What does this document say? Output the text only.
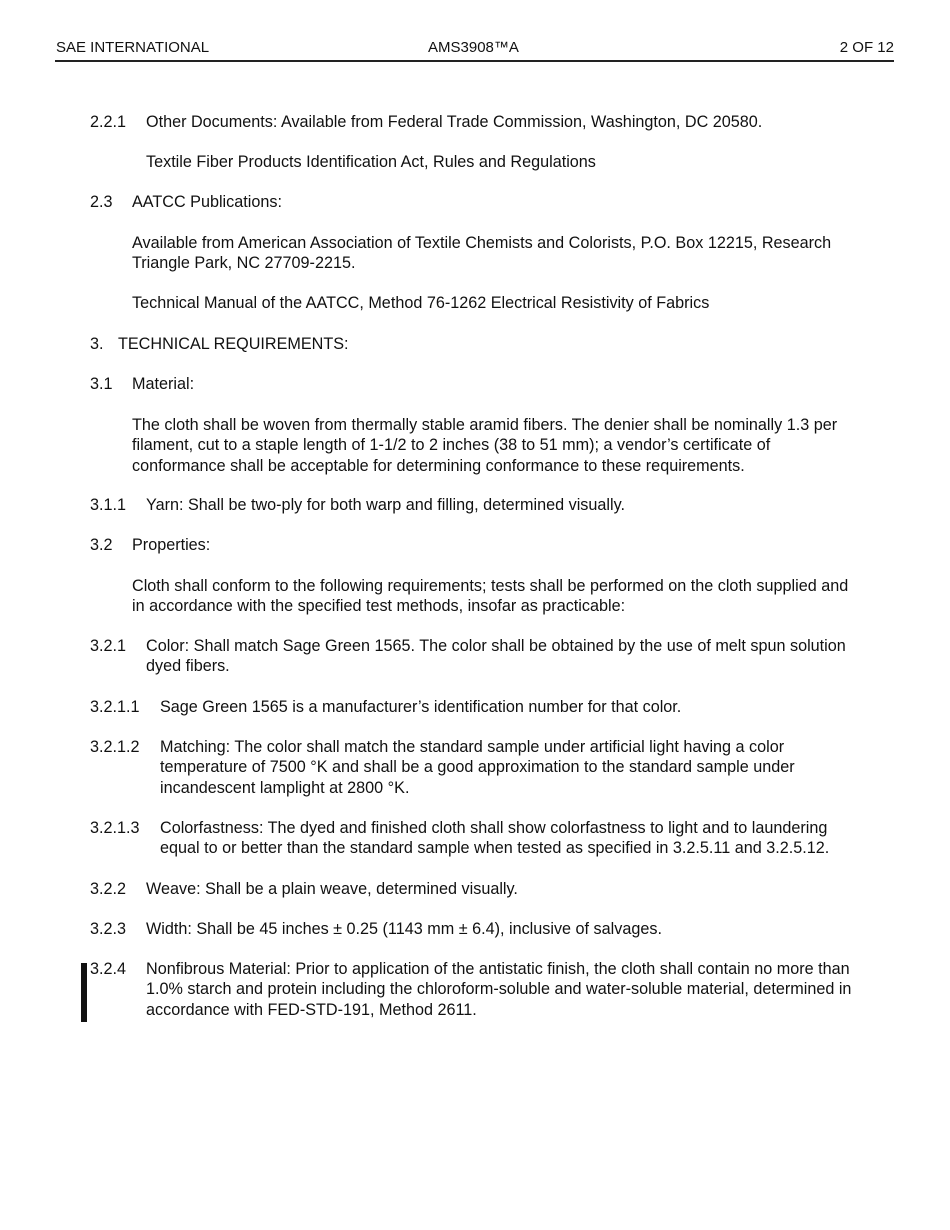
SAE INTERNATIONAL	AMS3908™A	2 OF 12
2.2.1 Other Documents: Available from Federal Trade Commission, Washington, DC 20580.
Textile Fiber Products Identification Act, Rules and Regulations
2.3 AATCC Publications:
Available from American Association of Textile Chemists and Colorists, P.O. Box 12215, Research
Triangle Park, NC 27709-2215.
Technical Manual of the AATCC, Method 76-1262 Electrical Resistivity of Fabrics
3. TECHNICAL REQUIREMENTS:
3.1 Material:
The cloth shall be woven from thermally stable aramid fibers. The denier shall be nominally 1.3 per
filament, cut to a staple length of 1-1/2 to 2 inches (38 to 51 mm); a vendor’s certificate of
conformance shall be acceptable for determining conformance to these requirements.
3.1.1 Yarn: Shall be two-ply for both warp and filling, determined visually.
3.2 Properties:
Cloth shall conform to the following requirements; tests shall be performed on the cloth supplied and
in accordance with the specified test methods, insofar as practicable:
3.2.1 Color: Shall match Sage Green 1565. The color shall be obtained by the use of melt spun solution
dyed fibers.
3.2.1.1 Sage Green 1565 is a manufacturer’s identification number for that color.
3.2.1.2 Matching: The color shall match the standard sample under artificial light having a color
temperature of 7500 °K and shall be a good approximation to the standard sample under
incandescent lamplight at 2800 °K.
3.2.1.3 Colorfastness: The dyed and finished cloth shall show colorfastness to light and to laundering
equal to or better than the standard sample when tested as specified in 3.2.5.11 and 3.2.5.12.
3.2.2 Weave: Shall be a plain weave, determined visually.
3.2.3 Width: Shall be 45 inches ± 0.25 (1143 mm ± 6.4), inclusive of salvages.
3.2.4 Nonfibrous Material: Prior to application of the antistatic finish, the cloth shall contain no more than
1.0% starch and protein including the chloroform-soluble and water-soluble material, determined in
accordance with FED-STD-191, Method 2611.
